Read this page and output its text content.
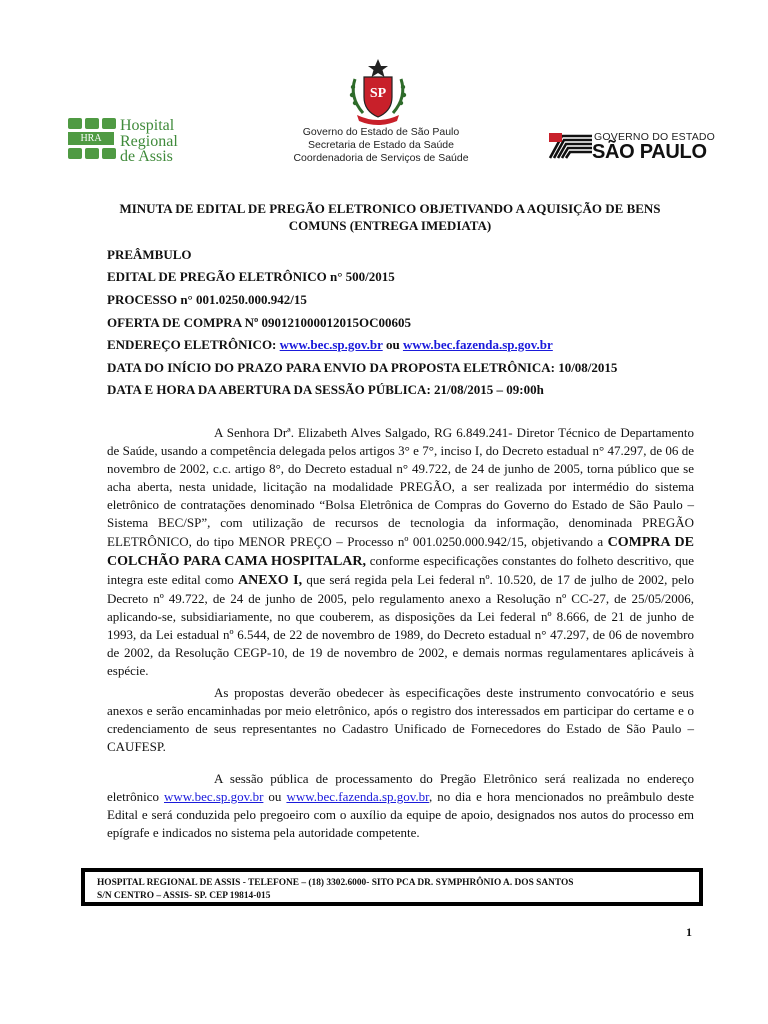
HRA
Hospital
Regional
de Assis
SP
Governo do Estado de São Paulo
Secretaria de Estado da Saúde
Coordenadoria de Serviços de Saúde
GOVERNO DO ESTADO
SÃO PAULO
MINUTA DE EDITAL DE PREGÃO ELETRONICO OBJETIVANDO A AQUISIÇÃO DE BENS COMUNS (ENTREGA IMEDIATA)
PREÂMBULO
EDITAL DE PREGÃO ELETRÔNICO n° 500/2015
PROCESSO n° 001.0250.000.942/15
OFERTA DE COMPRA Nº 090121000012015OC00605
ENDEREÇO ELETRÔNICO: www.bec.sp.gov.br ou www.bec.fazenda.sp.gov.br
DATA DO INÍCIO DO PRAZO PARA ENVIO DA PROPOSTA ELETRÔNICA: 10/08/2015
DATA E HORA DA ABERTURA DA SESSÃO PÚBLICA: 21/08/2015 – 09:00h
A Senhora Drª. Elizabeth Alves Salgado, RG 6.849.241- Diretor Técnico de Departamento de Saúde, usando a competência delegada pelos artigos 3° e 7°, inciso I, do Decreto estadual n° 47.297, de 06 de novembro de 2002, c.c. artigo 8°, do Decreto estadual n° 49.722, de 24 de junho de 2005, torna público que se acha aberta, nesta unidade, licitação na modalidade PREGÃO, a ser realizada por intermédio do sistema eletrônico de contratações denominado “Bolsa Eletrônica de Compras do Governo do Estado de São Paulo – Sistema BEC/SP”, com utilização de recursos de tecnologia da informação, denominada PREGÃO ELETRÔNICO, do tipo MENOR PREÇO – Processo nº 001.0250.000.942/15, objetivando a COMPRA DE COLCHÃO PARA CAMA HOSPITALAR, conforme especificações constantes do folheto descritivo, que integra este edital como ANEXO I, que será regida pela Lei federal nº. 10.520, de 17 de julho de 2002, pelo Decreto nº 49.722, de 24 de junho de 2005, pelo regulamento anexo a Resolução nº CC-27, de 25/05/2006, aplicando-se, subsidiariamente, no que couberem, as disposições da Lei federal nº 8.666, de 21 de junho de 1993, da Lei estadual nº 6.544, de 22 de novembro de 1989, do Decreto estadual n° 47.297, de 06 de novembro de 2002, da Resolução CEGP-10, de 19 de novembro de 2002, e demais normas regulamentares aplicáveis à espécie.
As propostas deverão obedecer às especificações deste instrumento convocatório e seus anexos e serão encaminhadas por meio eletrônico, após o registro dos interessados em participar do certame e o credenciamento de seus representantes no Cadastro Unificado de Fornecedores do Estado de São Paulo – CAUFESP.
A sessão pública de processamento do Pregão Eletrônico será realizada no endereço eletrônico www.bec.sp.gov.br ou www.bec.fazenda.sp.gov.br, no dia e hora mencionados no preâmbulo deste Edital e será conduzida pelo pregoeiro com o auxílio da equipe de apoio, designados nos autos do processo em epígrafe e indicados no sistema pela autoridade competente.
HOSPITAL REGIONAL DE ASSIS - TELEFONE – (18) 3302.6000- SITO PCA DR. SYMPHRÔNIO A. DOS SANTOS
S/N CENTRO – ASSIS- SP. CEP 19814-015
1
